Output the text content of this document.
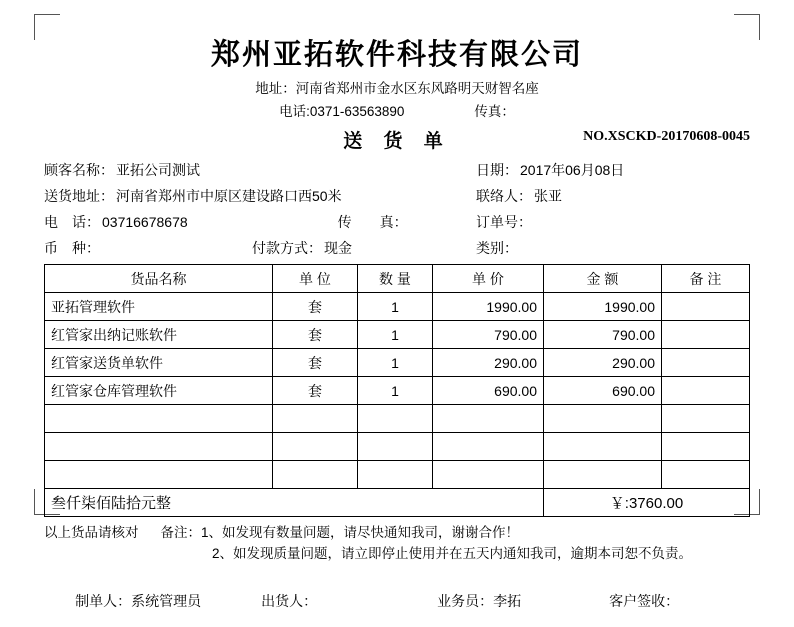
郑州亚拓软件科技有限公司
地址：河南省郑州市金水区东风路明天财智名座
电话:0371-63563890	传真：
送 货 单	NO.XSCKD-20170608-0045
顾客名称： 亚拓公司测试	日期： 2017年06月08日
送货地址： 河南省郑州市中原区建设路口西50米	联络人： 张亚
电　话： 03716678678	传　　真：	订单号：
币　种：	付款方式： 现金	类别：
货品名称	单 位	数 量	单 价	金 额	备 注
亚拓管理软件	套	1	1990.00	1990.00	
红管家出纳记账软件	套	1	790.00	790.00	
红管家送货单软件	套	1	290.00	290.00	
红管家仓库管理软件	套	1	690.00	690.00	

叁仟柒佰陆拾元整				￥:3760.00	
以上货品请核对	备注： 1、如发现有数量问题，请尽快通知我司，谢谢合作！
2、如发现质量问题，请立即停止使用并在五天内通知我司，逾期本司恕不负责。

制单人：系统管理员
	出货人：
	业务员：李拓
	客户签收：
